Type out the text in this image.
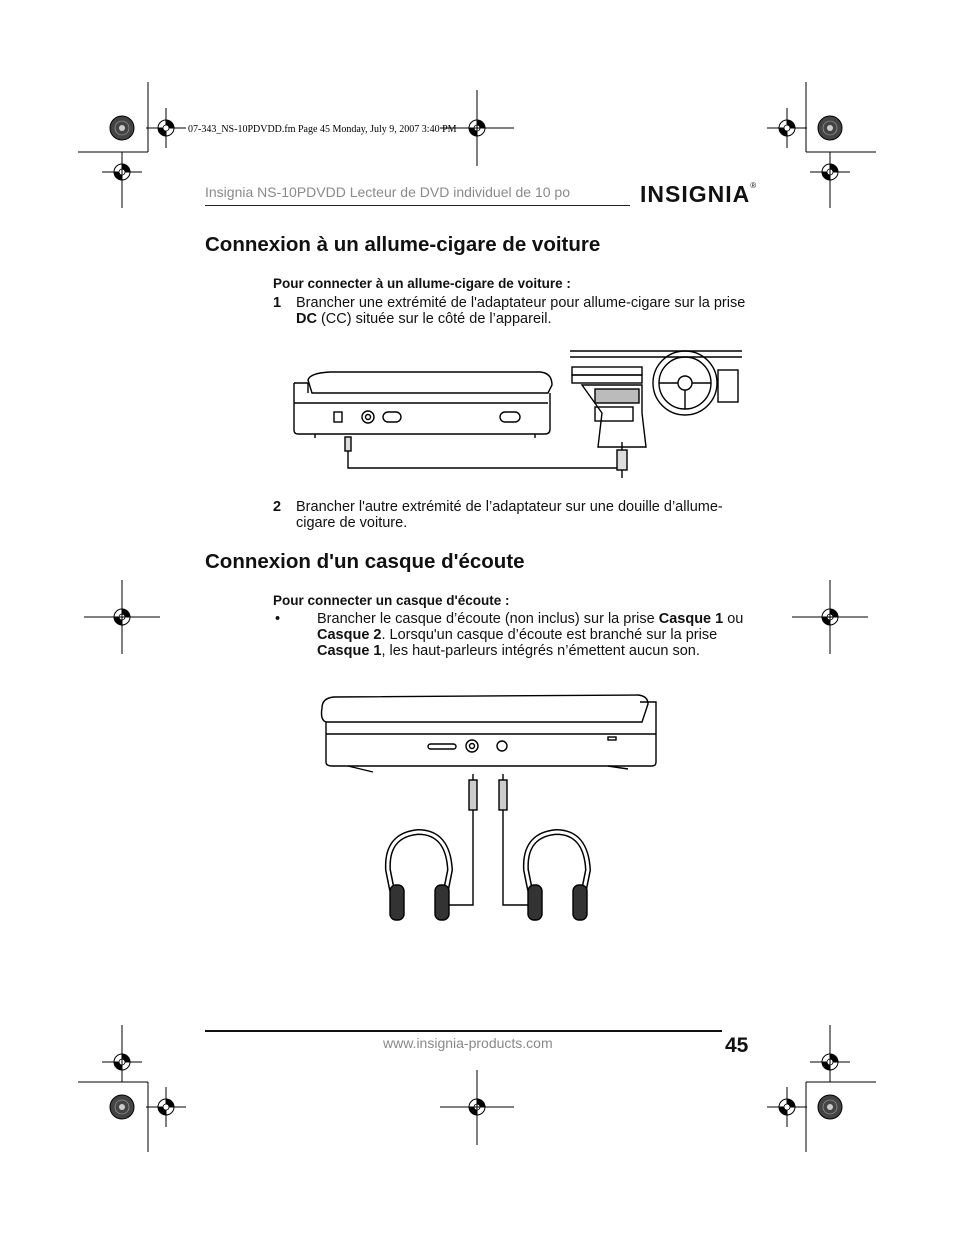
07-343_NS-10PDVDD.fm Page 45 Monday, July 9, 2007 3:40 PM
Insignia NS-10PDVDD Lecteur de DVD individuel de 10 po	INSIGNIA®
Connexion à un allume-cigare de voiture
Pour connecter à un allume-cigare de voiture :
1 Brancher une extrémité de l'adaptateur pour allume-cigare sur la prise DC (CC) située sur le côté de l’appareil.
2 Brancher l'autre extrémité de l’adaptateur sur une douille d’allume-cigare de voiture.
Connexion d'un casque d'écoute
Pour connecter un casque d'écoute :
•	Brancher le casque d’écoute (non inclus) sur la prise Casque 1 ou Casque 2. Lorsqu'un casque d’écoute est branché sur la prise Casque 1, les haut-parleurs intégrés n’émettent aucun son.
www.insignia-products.com	45
